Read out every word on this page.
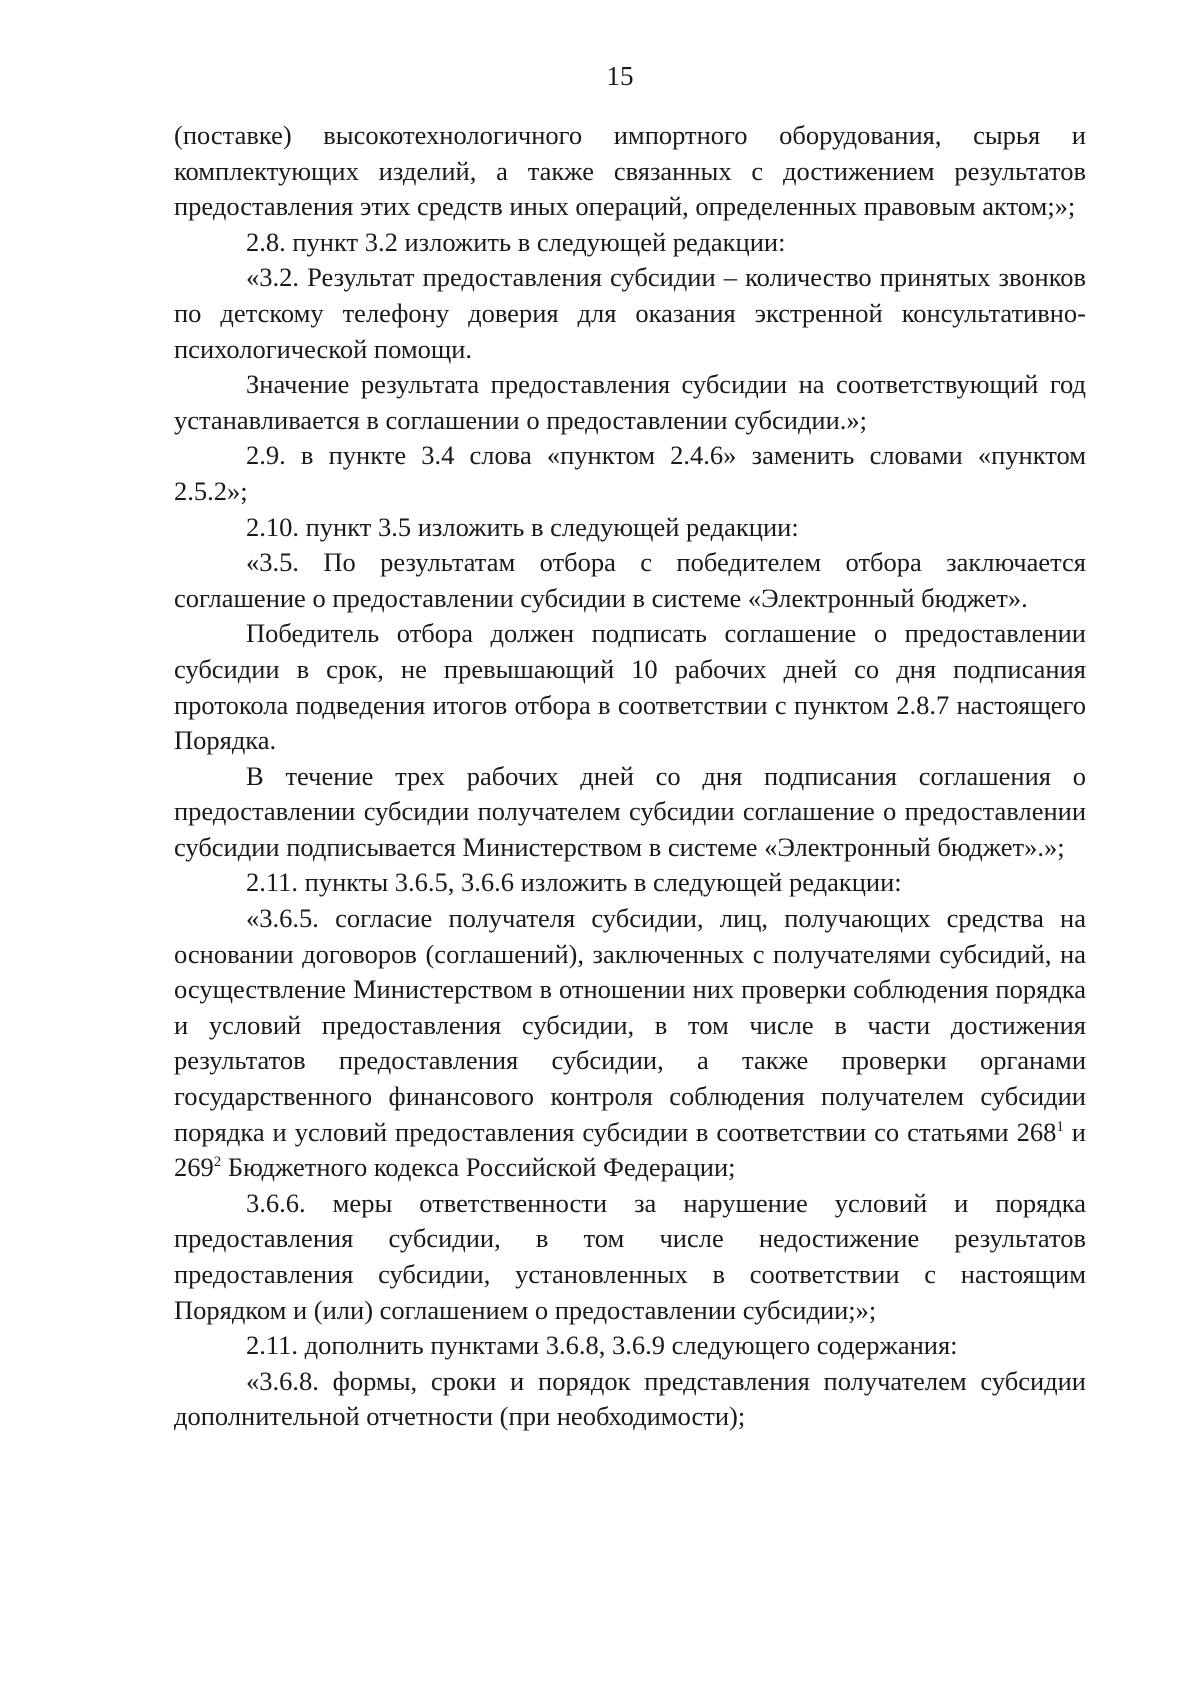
15

(поставке) высокотехнологичного импортного оборудования, сырья и комплектующих изделий, а также связанных с достижением результатов предоставления этих средств иных операций, определенных правовым актом;»;

2.8. пункт 3.2 изложить в следующей редакции:

«3.2. Результат предоставления субсидии – количество принятых звонков по детскому телефону доверия для оказания экстренной консультативно-психологической помощи.

Значение результата предоставления субсидии на соответствующий год устанавливается в соглашении о предоставлении субсидии.»;

2.9. в пункте 3.4 слова «пунктом 2.4.6» заменить словами «пунктом 2.5.2»;

2.10. пункт 3.5 изложить в следующей редакции:

«3.5. По результатам отбора с победителем отбора заключается соглашение о предоставлении субсидии в системе «Электронный бюджет».

Победитель отбора должен подписать соглашение о предоставлении субсидии в срок, не превышающий 10 рабочих дней со дня подписания протокола подведения итогов отбора в соответствии с пунктом 2.8.7 настоящего Порядка.

В течение трех рабочих дней со дня подписания соглашения о предоставлении субсидии получателем субсидии соглашение о предоставлении субсидии подписывается Министерством в системе «Электронный бюджет».»;

2.11. пункты 3.6.5, 3.6.6 изложить в следующей редакции:

«3.6.5. согласие получателя субсидии, лиц, получающих средства на основании договоров (соглашений), заключенных с получателями субсидий, на осуществление Министерством в отношении них проверки соблюдения порядка и условий предоставления субсидии, в том числе в части достижения результатов предоставления субсидии, а также проверки органами государственного финансового контроля соблюдения получателем субсидии порядка и условий предоставления субсидии в соответствии со статьями $268^1$ и $269^2$ Бюджетного кодекса Российской Федерации;

3.6.6. меры ответственности за нарушение условий и порядка предоставления субсидии, в том числе недостижение результатов предоставления субсидии, установленных в соответствии с настоящим Порядком и (или) соглашением о предоставлении субсидии;»;

2.11. дополнить пунктами 3.6.8, 3.6.9 следующего содержания:

«3.6.8. формы, сроки и порядок представления получателем субсидии дополнительной отчетности (при необходимости);
